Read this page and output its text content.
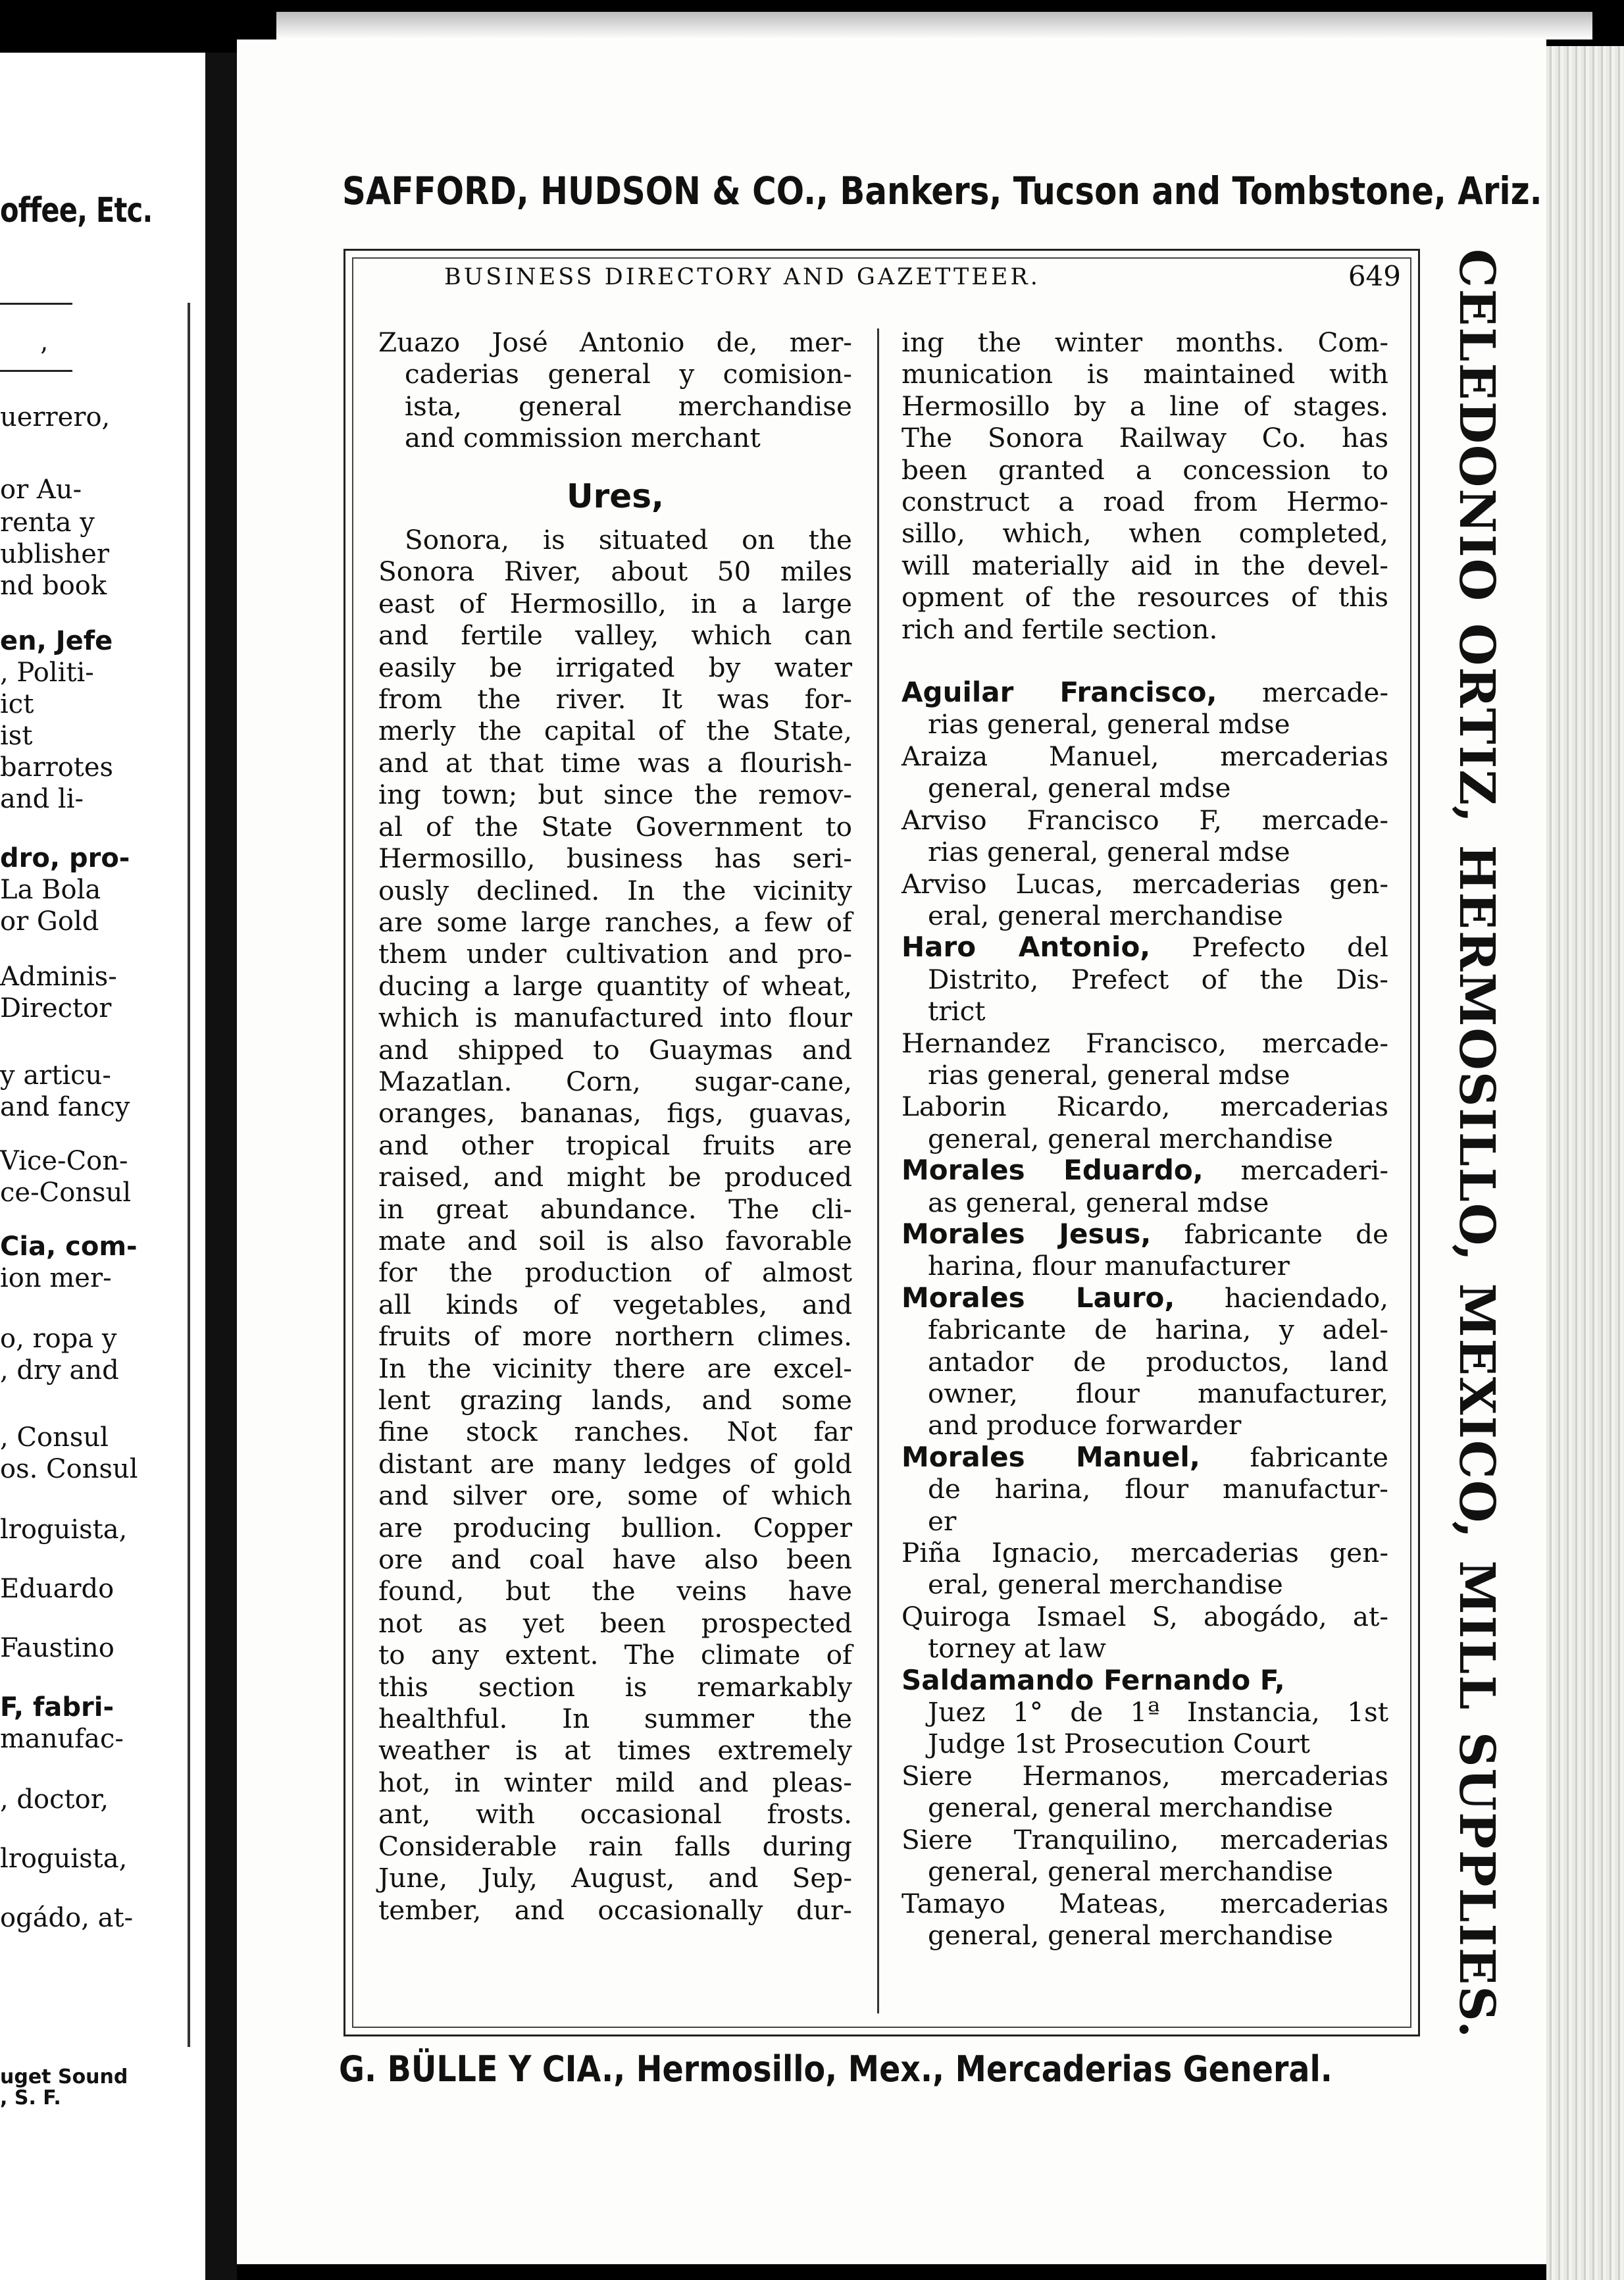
offee, Etc.
’
uerrero,
or Au-
renta y
ublisher
nd book
en, Jefe
, Politi-
ict
ist
barrotes
and li-
dro, pro-
La Bola
or Gold
Adminis-
Director
y articu-
and fancy
Vice-Con-
ce-Consul
Cia, com-
ion mer-
o, ropa y
, dry and
, Consul
os. Consul
lroguista,
Eduardo
Faustino
F, fabri-
manufac-
, doctor,
lroguista,
ogádo, at-
uget Sound
, S. F.
SAFFORD, HUDSON & CO., Bankers, Tucson and Tombstone, Ariz.
BUSINESS DIRECTORY AND GAZETTEER.	649
Zuazo José Antonio de, mer-
caderias general y comision-
ista, general merchandise
and commission merchant
Ures,
Sonora, is situated on the
Sonora River, about 50 miles
east of Hermosillo, in a large
and fertile valley, which can
easily be irrigated by water
from the river. It was for-
merly the capital of the State,
and at that time was a flourish-
ing town; but since the remov-
al of the State Government to
Hermosillo, business has seri-
ously declined. In the vicinity
are some large ranches, a few of
them under cultivation and pro-
ducing a large quantity of wheat,
which is manufactured into flour
and shipped to Guaymas and
Mazatlan. Corn, sugar-cane,
oranges, bananas, figs, guavas,
and other tropical fruits are
raised, and might be produced
in great abundance. The cli-
mate and soil is also favorable
for the production of almost
all kinds of vegetables, and
fruits of more northern climes.
In the vicinity there are excel-
lent grazing lands, and some
fine stock ranches. Not far
distant are many ledges of gold
and silver ore, some of which
are producing bullion. Copper
ore and coal have also been
found, but the veins have
not as yet been prospected
to any extent. The climate of
this section is remarkably
healthful. In summer the
weather is at times extremely
hot, in winter mild and pleas-
ant, with occasional frosts.
Considerable rain falls during
June, July, August, and Sep-
tember, and occasionally dur-
ing the winter months. Com-
munication is maintained with
Hermosillo by a line of stages.
The Sonora Railway Co. has
been granted a concession to
construct a road from Hermo-
sillo, which, when completed,
will materially aid in the devel-
opment of the resources of this
rich and fertile section.
Aguilar Francisco, mercade-
rias general, general mdse
Araiza Manuel, mercaderias
general, general mdse
Arviso Francisco F, mercade-
rias general, general mdse
Arviso Lucas, mercaderias gen-
eral, general merchandise
Haro Antonio, Prefecto del
Distrito, Prefect of the Dis-
trict
Hernandez Francisco, mercade-
rias general, general mdse
Laborin Ricardo, mercaderias
general, general merchandise
Morales Eduardo, mercaderi-
as general, general mdse
Morales Jesus, fabricante de
harina, flour manufacturer
Morales Lauro, haciendado,
fabricante de harina, y adel-
antador de productos, land
owner, flour manufacturer,
and produce forwarder
Morales Manuel, fabricante
de harina, flour manufactur-
er
Piña Ignacio, mercaderias gen-
eral, general merchandise
Quiroga Ismael S, abogádo, at-
torney at law
Saldamando Fernando F,
Juez 1° de 1ª Instancia, 1st
Judge 1st Prosecution Court
Siere Hermanos, mercaderias
general, general merchandise
Siere Tranquilino, mercaderias
general, general merchandise
Tamayo Mateas, mercaderias
general, general merchandise	CELEDONIO ORTIZ, HERMOSILLO, MEXICO, MILL SUPPLIES.
G. BÜLLE Y CIA., Hermosillo, Mex., Mercaderias General.
